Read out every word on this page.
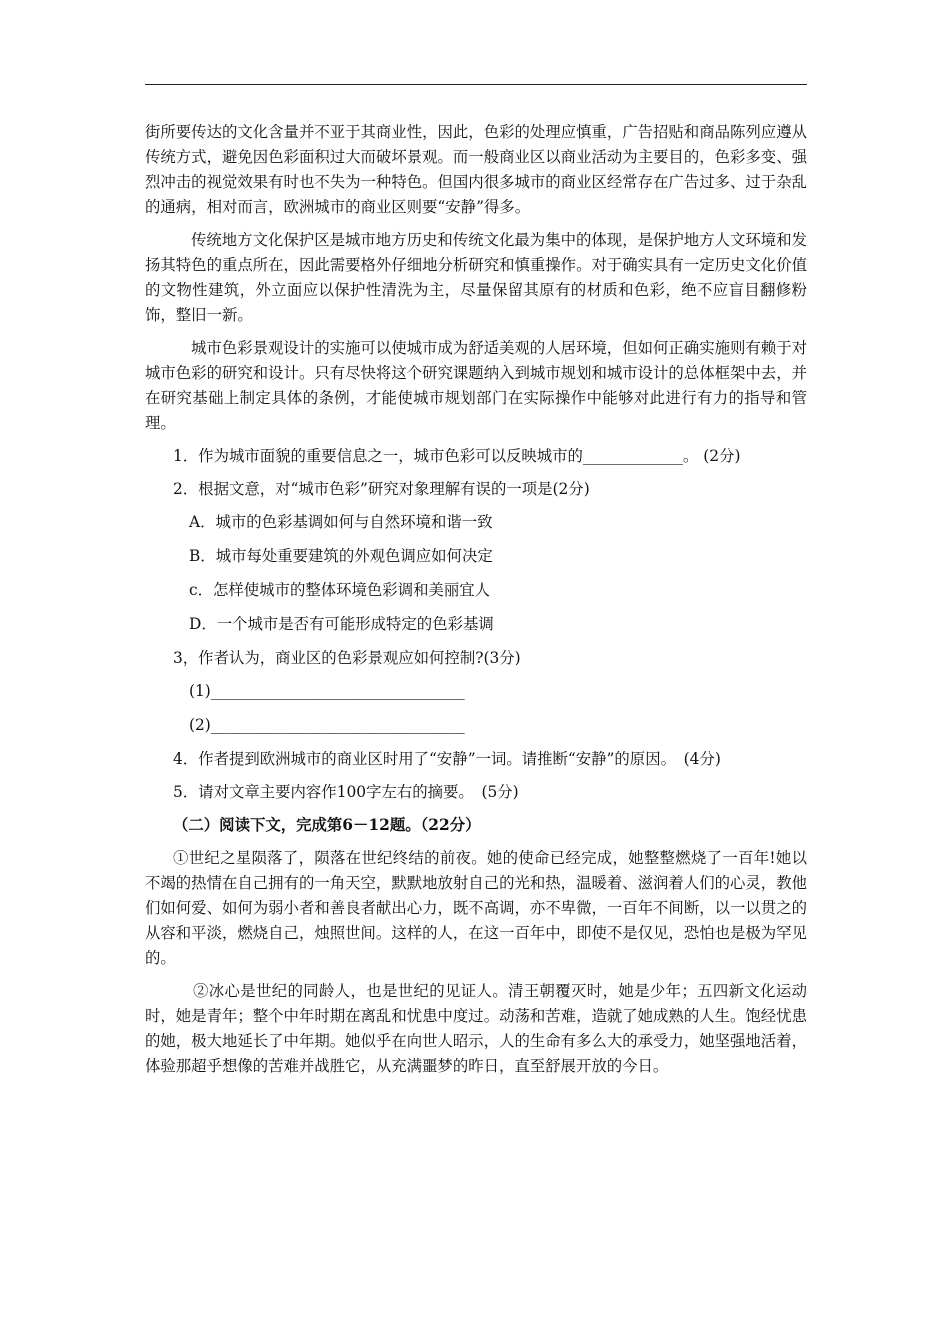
街所要传达的文化含量并不亚于其商业性，因此，色彩的处理应慎重，广告招贴和商品陈列应遵从传统方式，避免因色彩面积过大而破坏景观。而一般商业区以商业活动为主要目的，色彩多变、强烈冲击的视觉效果有时也不失为一种特色。但国内很多城市的商业区经常存在广告过多、过于杂乱的通病，相对而言，欧洲城市的商业区则要“安静”得多。

传统地方文化保护区是城市地方历史和传统文化最为集中的体现，是保护地方人文环境和发扬其特色的重点所在，因此需要格外仔细地分析研究和慎重操作。对于确实具有一定历史文化价值的文物性建筑，外立面应以保护性清洗为主，尽量保留其原有的材质和色彩，绝不应盲目翻修粉饰，整旧一新。

城市色彩景观设计的实施可以使城市成为舒适美观的人居环境，但如何正确实施则有赖于对城市色彩的研究和设计。只有尽快将这个研究课题纳入到城市规划和城市设计的总体框架中去，并在研究基础上制定具体的条例，才能使城市规划部门在实际操作中能够对此进行有力的指导和管理。

1．作为城市面貌的重要信息之一，城市色彩可以反映城市的_____________。 (2分)

2．根据文意，对“城市色彩”研究对象理解有误的一项是(2分)

A．城市的色彩基调如何与自然环境和谐一致

B．城市每处重要建筑的外观色调应如何决定

c．怎样使城市的整体环境色彩调和美丽宜人

D．一个城市是否有可能形成特定的色彩基调

3，作者认为，商业区的色彩景观应如何控制?(3分)

(1)_________________________________

(2)_________________________________

4．作者提到欧洲城市的商业区时用了“安静”一词。请推断“安静”的原因。　(4分)

5．请对文章主要内容作100字左右的摘要。　(5分)

（二）阅读下文，完成第6－12题。（22分）

①世纪之星陨落了，陨落在世纪终结的前夜。她的使命已经完成，她整整燃烧了一百年!她以不竭的热情在自己拥有的一角天空，默默地放射自己的光和热，温暖着、滋润着人们的心灵，教他们如何爱、如何为弱小者和善良者献出心力，既不高调，亦不卑微，一百年不间断，以一以贯之的从容和平淡，燃烧自己，烛照世间。这样的人，在这一百年中，即使不是仅见，恐怕也是极为罕见的。

②冰心是世纪的同龄人，也是世纪的见证人。清王朝覆灭时，她是少年；五四新文化运动时，她是青年；整个中年时期在离乱和忧患中度过。动荡和苦难，造就了她成熟的人生。饱经忧患的她，极大地延长了中年期。她似乎在向世人昭示，人的生命有多么大的承受力，她坚强地活着，体验那超乎想像的苦难并战胜它，从充满噩梦的昨日，直至舒展开放的今日。
